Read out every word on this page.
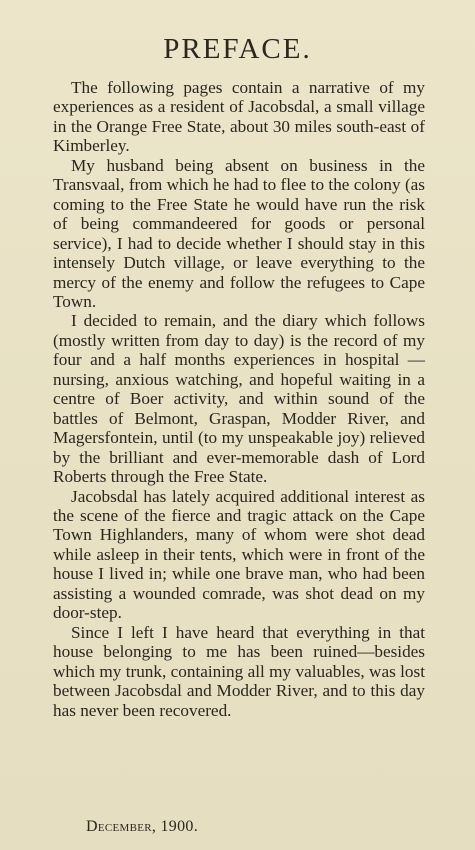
PREFACE.

The following pages contain a narrative of my experiences as a resident of Jacobsdal, a small village in the Orange Free State, about 30 miles south-east of Kimberley.

My husband being absent on business in the Transvaal, from which he had to flee to the colony (as coming to the Free State he would have run the risk of being commandeered for goods or personal service), I had to decide whether I should stay in this intensely Dutch village, or leave everything to the mercy of the enemy and follow the refugees to Cape Town.

I decided to remain, and the diary which follows (mostly written from day to day) is the record of my four and a half months experiences in hospital — nursing, anxious watching, and hopeful waiting in a centre of Boer activity, and within sound of the battles of Belmont, Graspan, Modder River, and Magersfontein, until (to my unspeakable joy) relieved by the brilliant and ever-memorable dash of Lord Roberts through the Free State.

Jacobsdal has lately acquired additional interest as the scene of the fierce and tragic attack on the Cape Town Highlanders, many of whom were shot dead while asleep in their tents, which were in front of the house I lived in; while one brave man, who had been assisting a wounded comrade, was shot dead on my door-step.

Since I left I have heard that everything in that house belonging to me has been ruined—besides which my trunk, containing all my valuables, was lost between Jacobsdal and Modder River, and to this day has never been recovered.

December, 1900.
